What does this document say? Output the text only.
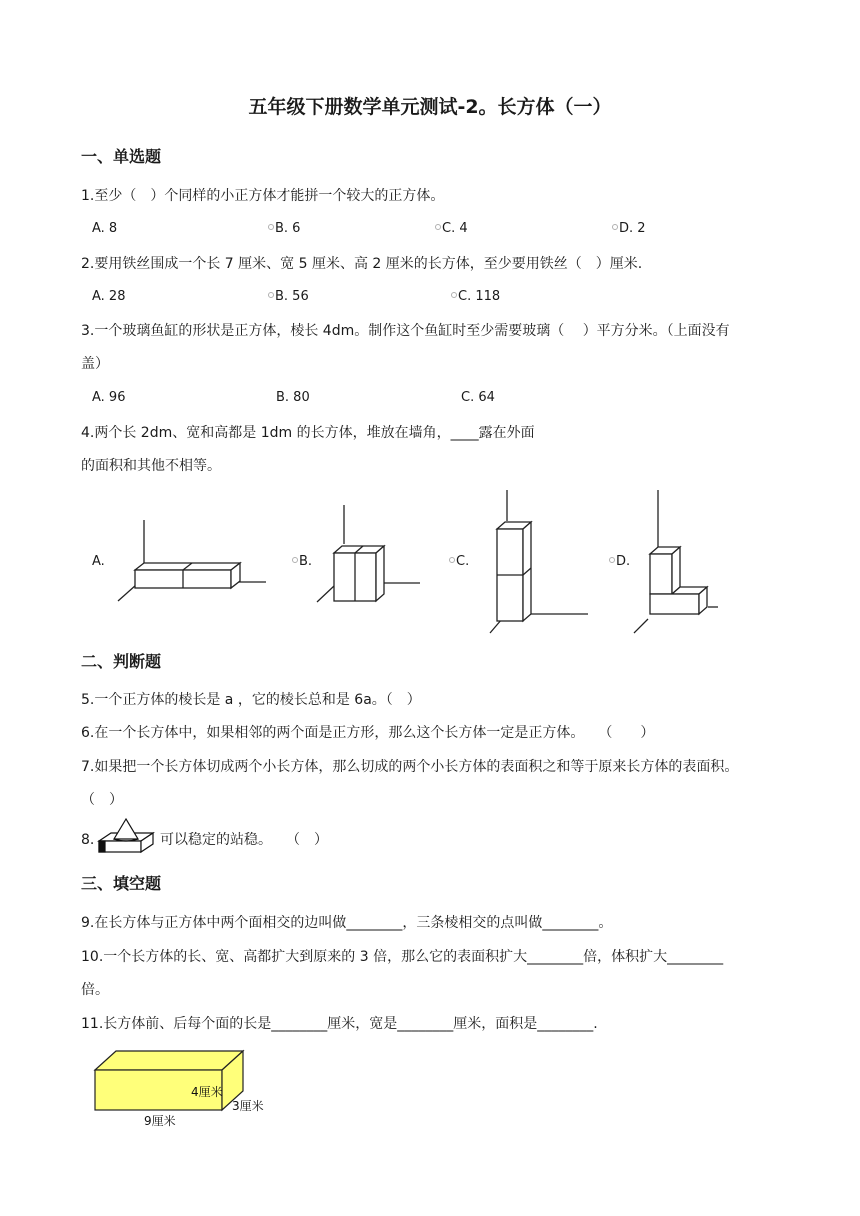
五年级下册数学单元测试-2。长方体（一）
一、单选题
1.至少（　）个同样的小正方体才能拼一个较大的正方体。
A. 8	B. 6	C. 4	D. 2
2.要用铁丝围成一个长 7 厘米、宽 5 厘米、高 2 厘米的长方体，至少要用铁丝（　）厘米.
A. 28	B. 56	C. 118
3.一个玻璃鱼缸的形状是正方体，棱长 4dm。制作这个鱼缸时至少需要玻璃（　 ）平方分米。（上面没有
盖）
A. 96	B. 80	C. 64
4.两个长 2dm、宽和高都是 1dm 的长方体，堆放在墙角，____露在外面
的面积和其他不相等。
A.	B.	C.	D.
二、判断题
5.一个正方体的棱长是 a ，它的棱长总和是 6a。（　）
6.在一个长方体中，如果相邻的两个面是正方形，那么这个长方体一定是正方体。　　（　　）
7.如果把一个长方体切成两个小长方体，那么切成的两个小长方体的表面积之和等于原来长方体的表面积。
（　）
8.	可以稳定的站稳。　　（　）
三、填空题
9.在长方体与正方体中两个面相交的边叫做________，三条棱相交的点叫做________。
10.一个长方体的长、宽、高都扩大到原来的 3 倍，那么它的表面积扩大________倍，体积扩大________
倍。
11.长方体前、后每个面的长是________厘米，宽是________厘米，面积是________.
4厘米
3厘米
9厘米
